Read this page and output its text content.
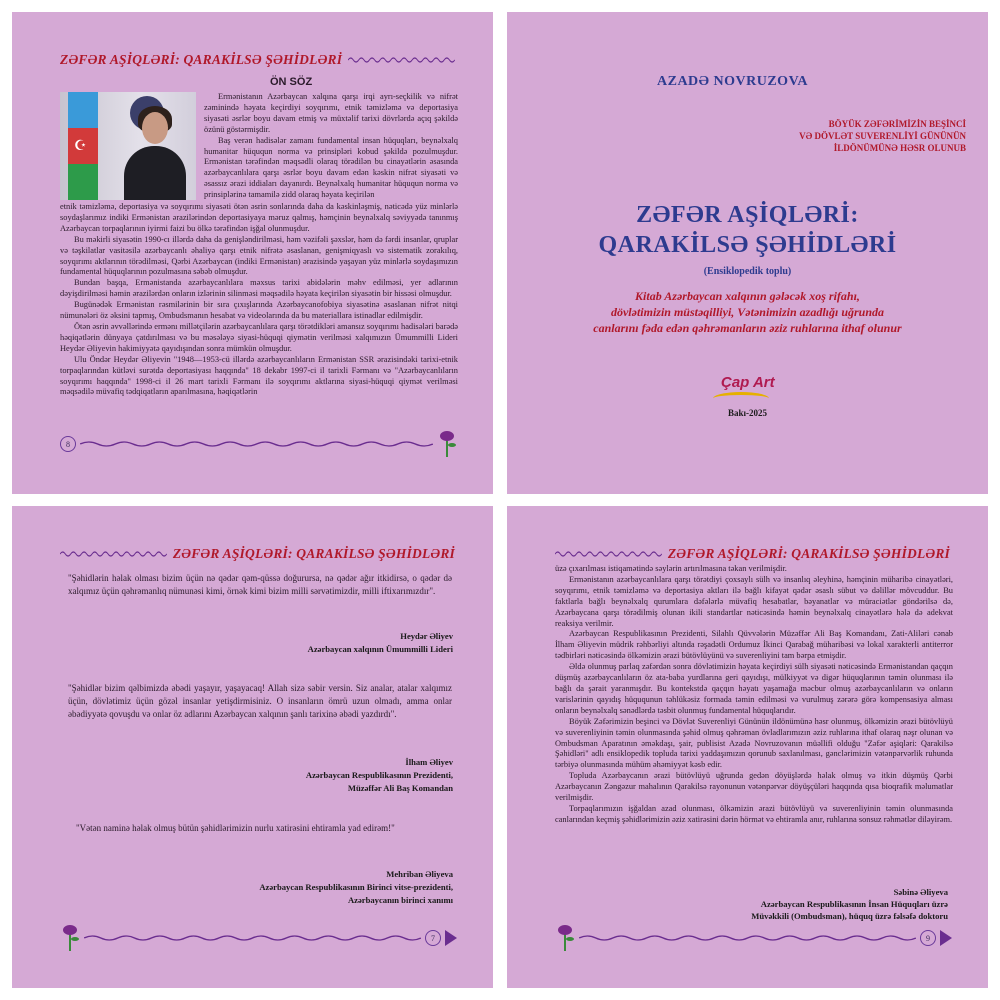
ZƏFƏR AŞİQLƏRİ: QARAKİLSƏ ŞƏHİDLƏRİ
ÖN SÖZ
☪

Ermənistanın Azərbaycan xalqına qarşı irqi ayrı-seçkilik və nifrət zəminində həyata keçirdiyi soyqırımı, etnik təmizləmə və deportasiya siyasəti əsrlər boyu davam etmiş və müxtəlif tarixi dövrlərdə açıq şəkildə özünü göstərmişdir.

Baş verən hadisələr zamanı fundamental insan hüquqları, beynəlxalq humanitar hüququn norma və prinsipləri kobud şəkildə pozulmuşdur. Ermənistan tərəfindən məqsədli olaraq törədilən bu cinayətlərin əsasında azərbaycanlılara qarşı əsrlər boyu davam edən kəskin nifrət siyasəti və əsassız ərazi iddiaları dayanırdı. Beynəlxalq humanitar hüququn norma və prinsiplərinə tamamilə zidd olaraq həyata keçirilən

etnik təmizləmə, deportasiya və soyqırımı siyasəti ötən əsrin sonlarında daha da kəskinləşmiş, nəticədə yüz minlərlə soydaşlarımız indiki Ermənistan ərazilərindən deportasiyaya məruz qalmış, həmçinin beynəlxalq səviyyədə tanınmış Azərbaycan torpaqlarının iyirmi faizi bu ölkə tərəfindən işğal olunmuşdur.

Bu məkirli siyasətin 1990-cı illərdə daha da genişləndirilməsi, həm vəzifəli şəxslər, həm də fərdi insanlar, qruplar və təşkilatlar vasitəsilə azərbaycanlı əhaliyə qarşı etnik nifrətə əsaslanan, genişmiqyaslı və sistematik zorakılıq, soyqırımı aktlarının törədilməsi, Qərbi Azərbaycan (indiki Ermənistan) ərazisində yaşayan yüz minlərlə soydaşımızın fundamental hüquqlarının pozulmasına səbəb olmuşdur.

Bundan başqa, Ermənistanda azərbaycanlılara məxsus tarixi abidələrin məhv edilməsi, yer adlarının dəyişdirilməsi həmin ərazilərdən onların izlərinin silinməsi məqsədilə həyata keçirilən siyasətin bir hissəsi olmuşdur.

Bugünədək Ermənistan rəsmilərinin bir sıra çıxışlarında Azərbaycanofobiya siyasətinə əsaslanan nifrət nitqi nümunələri öz əksini tapmış, Ombudsmanın hesabat və videolarında da bu materiallara istinadlar edilmişdir.

Ötən əsrin əvvəllərində ermənı millətçilərin azərbaycanlılara qarşı törətdikləri amansız soyqırımı hadisələri barədə həqiqətlərin dünyaya çatdırılması və bu məsələyə siyasi-hüquqi qiymətin verilməsi xalqımızın Ümummilli Lideri Heydər Əliyevin hakimiyyətə qayıdışından sonra mümkün olmuşdur.

Ulu Öndər Heydər Əliyevin "1948—1953-cü illərdə azərbaycanlıların Ermənistan SSR ərazisindəki tarixi-etnik torpaqlarından kütləvi surətdə deportasiyası haqqında" 18 dekabr 1997-ci il tarixli Fərmanı və "Azərbaycanlıların soyqırımı haqqında" 1998-ci il 26 mart tarixli Fərmanı ilə soyqırımı aktlarına siyasi-hüquqi qiymət verilməsi məqsədilə müvafiq tədqiqatların aparılmasına, həqiqətlərin

8
AZADƏ NOVRUZOVA
BÖYÜK ZƏFƏRİMİZİN BEŞİNCİ
VƏ DÖVLƏT SUVERENLİYİ GÜNÜNÜN
İLDÖNÜMÜNƏ HƏSR OLUNUB
ZƏFƏR AŞİQLƏRİ:
QARAKİLSƏ ŞƏHİDLƏRİ
(Ensiklopedik toplu)
Kitab Azərbaycan xalqının gələcək xoş rifahı,
dövlətimizin müstəqilliyi, Vətənimizin azadlığı uğrunda
canlarını fəda edən qəhrəmanların əziz ruhlarına ithaf olunur
Çap Art
Bakı-2025
ZƏFƏR AŞİQLƏRİ: QARAKİLSƏ ŞƏHİDLƏRİ
"Şəhidlərin həlak olması bizim üçün nə qədər qəm-qüssə doğurursa, nə qədər ağır itkidirsə, o qədər də xalqımız üçün qəhrəmanlıq nümunəsi kimi, örnək kimi bizim milli sərvətimizdir, milli iftixarımızdır".
Heydər Əliyev
Azərbaycan xalqının Ümummilli Lideri
"Şəhidlər bizim qəlbimizdə əbədi yaşayır, yaşayacaq! Allah sizə səbir versin. Siz analar, atalar xalqımız üçün, dövlətimiz üçün gözəl insanlar yetişdirmisiniz. O insanların ömrü uzun olmadı, amma onlar əbədiyyətə qovuşdu və onlar öz adlarını Azərbaycan xalqının şanlı tarixinə əbədi yazdırdı".
İlham Əliyev
Azərbaycan Respublikasının Prezidenti,
Müzəffər Ali Baş Komandan
"Vətən naminə həlak olmuş bütün şəhidlərimizin nurlu xatirəsini ehtiramla yad edirəm!"
Mehriban Əliyeva
Azərbaycan Respublikasının Birinci vitse-prezidenti,
Azərbaycanın birinci xanımı
7
ZƏFƏR AŞİQLƏRİ: QARAKİLSƏ ŞƏHİDLƏRİ

üzə çıxarılması istiqamətində səylərin artırılmasına təkan verilmişdir.

Ermənistanın azərbaycanlılara qarşı törətdiyi çoxsaylı sülh və insanlıq əleyhinə, həmçinin müharibə cinayətləri, soyqırımı, etnik təmizləmə və deportasiya aktları ilə bağlı kifayət qədər əsaslı sübut və dəlillər mövcuddur. Bu faktlarla bağlı beynəlxalq qurumlara dəfələrlə müvafiq hesabatlar, bəyanatlar və müraciətlər göndərilsə də, Azərbaycana qarşı törədilmiş olunan ikili standartlar nəticəsində həmin beynəlxalq cinayətlərə hələ də adekvat reaksiya verilmir.

Azərbaycan Respublikasının Prezidenti, Silahlı Qüvvələrin Müzəffər Ali Baş Komandanı, Zati-Aliləri cənab İlham Əliyevin müdrik rəhbərliyi altında rəşadətli Ordumuz İkinci Qarabağ müharibəsi və lokal xarakterli antiterror tədbirləri nəticəsində ölkəmizin ərazi bütövlüyünü və suverenliyini tam bərpa etmişdir.

Əldə olunmuş parlaq zəfərdən sonra dövlətimizin həyata keçirdiyi sülh siyasəti nəticəsində Ermənistandan qaçqın düşmüş azərbaycanlıların öz ata-baba yurdlarına geri qayıdışı, mülkiyyət və digər hüquqlarının təmin olunması ilə bağlı da şərait yaranmışdır. Bu kontekstdə qaçqın həyatı yaşamağa məcbur olmuş azərbaycanlıların və onların varislərinin qayıdış hüququnun təhlükəsiz formada təmin edilməsi və vurulmuş zərərə görə kompensasiya alması onların beynəlxalq sənədlərdə təsbit olunmuş fundamental hüquqlarıdır.

Böyük Zəfərimizin beşinci və Dövlət Suverenliyi Gününün ildönümünə həsr olunmuş, ölkəmizin ərazi bütövlüyü və suverenliyinin təmin olunmasında şəhid olmuş qəhrəman övladlarımızın əziz ruhlarına ithaf olaraq nəşr olunan və Ombudsman Aparatının əməkdaşı, şair, publisist Azadə Novruzovanın müəllifi olduğu "Zəfər aşiqləri: Qarakilsə Şəhidləri" adlı ensiklopedik topluda tarixi yaddaşımızın qorunub saxlanılması, gənclərimizin vətənpərvərlik ruhunda tərbiyə olunmasında mühüm əhəmiyyət kəsb edir.

Topluda Azərbaycanın ərazi bütövlüyü uğrunda gedən döyüşlərdə həlak olmuş və itkin düşmüş Qərbi Azərbaycanın Zəngəzur mahalının Qarakilsə rayonunun vətənpərvər döyüşçüləri haqqında qısa bioqrafik məlumatlar verilmişdir.

Torpaqlarımızın işğaldan azad olunması, ölkəmizin ərazi bütövlüyü və suverenliyinin təmin olunmasında canlarından keçmiş şəhidlərimizin əziz xatirəsini dərin hörmət və ehtiramla anır, ruhlarına sonsuz rəhmətlər diləyirəm.

Səbinə Əliyeva
Azərbaycan Respublikasının İnsan Hüquqları üzrə
Müvəkkili (Ombudsman), hüquq üzrə fəlsəfə doktoru
9
